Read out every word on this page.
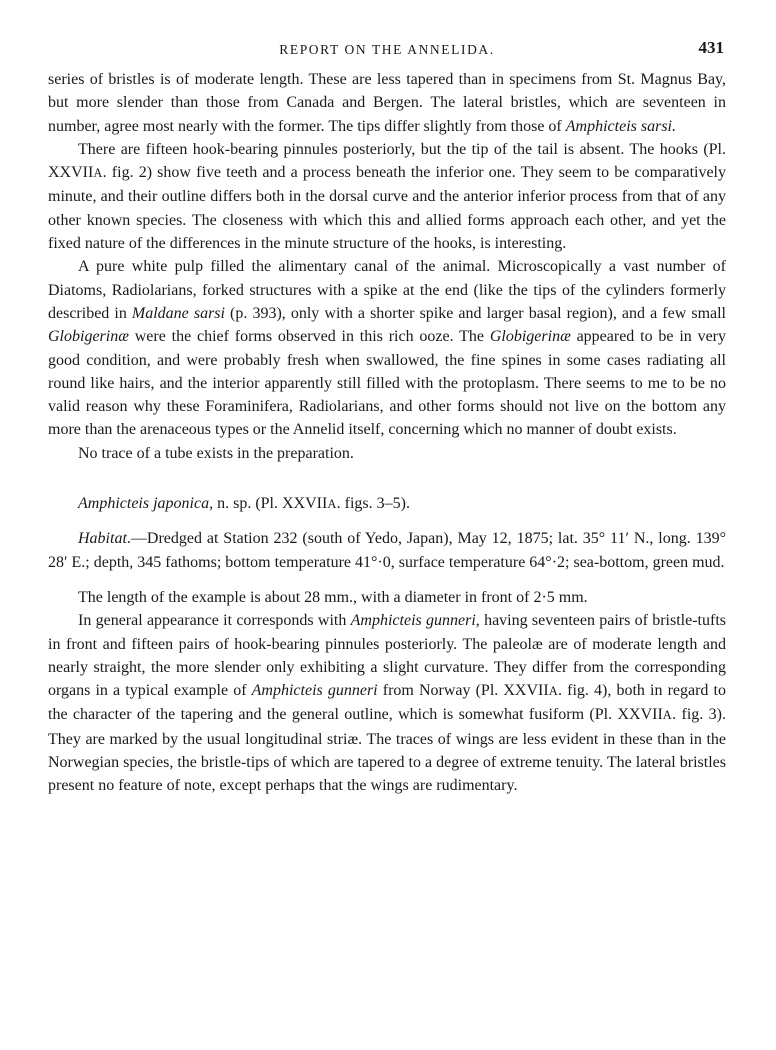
REPORT ON THE ANNELIDA.	431

series of bristles is of moderate length. These are less tapered than in specimens from St. Magnus Bay, but more slender than those from Canada and Bergen. The lateral bristles, which are seventeen in number, agree most nearly with the former. The tips differ slightly from those of Amphicteis sarsi.

There are fifteen hook-bearing pinnules posteriorly, but the tip of the tail is absent. The hooks (Pl. XXVIIA. fig. 2) show five teeth and a process beneath the inferior one. They seem to be comparatively minute, and their outline differs both in the dorsal curve and the anterior inferior process from that of any other known species. The closeness with which this and allied forms approach each other, and yet the fixed nature of the differences in the minute structure of the hooks, is interesting.

A pure white pulp filled the alimentary canal of the animal. Microscopically a vast number of Diatoms, Radiolarians, forked structures with a spike at the end (like the tips of the cylinders formerly described in Maldane sarsi (p. 393), only with a shorter spike and larger basal region), and a few small Globigerinæ were the chief forms observed in this rich ooze. The Globigerinæ appeared to be in very good condition, and were probably fresh when swallowed, the fine spines in some cases radiating all round like hairs, and the interior apparently still filled with the protoplasm. There seems to me to be no valid reason why these Foraminifera, Radiolarians, and other forms should not live on the bottom any more than the arenaceous types or the Annelid itself, concerning which no manner of doubt exists.

No trace of a tube exists in the preparation.

Amphicteis japonica, n. sp. (Pl. XXVIIA. figs. 3–5).

Habitat.—Dredged at Station 232 (south of Yedo, Japan), May 12, 1875; lat. 35° 11′ N., long. 139° 28′ E.; depth, 345 fathoms; bottom temperature 41°·0, surface temperature 64°·2; sea-bottom, green mud.

The length of the example is about 28 mm., with a diameter in front of 2·5 mm.

In general appearance it corresponds with Amphicteis gunneri, having seventeen pairs of bristle-tufts in front and fifteen pairs of hook-bearing pinnules posteriorly. The paleolæ are of moderate length and nearly straight, the more slender only exhibiting a slight curvature. They differ from the corresponding organs in a typical example of Amphicteis gunneri from Norway (Pl. XXVIIA. fig. 4), both in regard to the character of the tapering and the general outline, which is somewhat fusiform (Pl. XXVIIA. fig. 3). They are marked by the usual longitudinal striæ. The traces of wings are less evident in these than in the Norwegian species, the bristle-tips of which are tapered to a degree of extreme tenuity. The lateral bristles present no feature of note, except perhaps that the wings are rudimentary.
